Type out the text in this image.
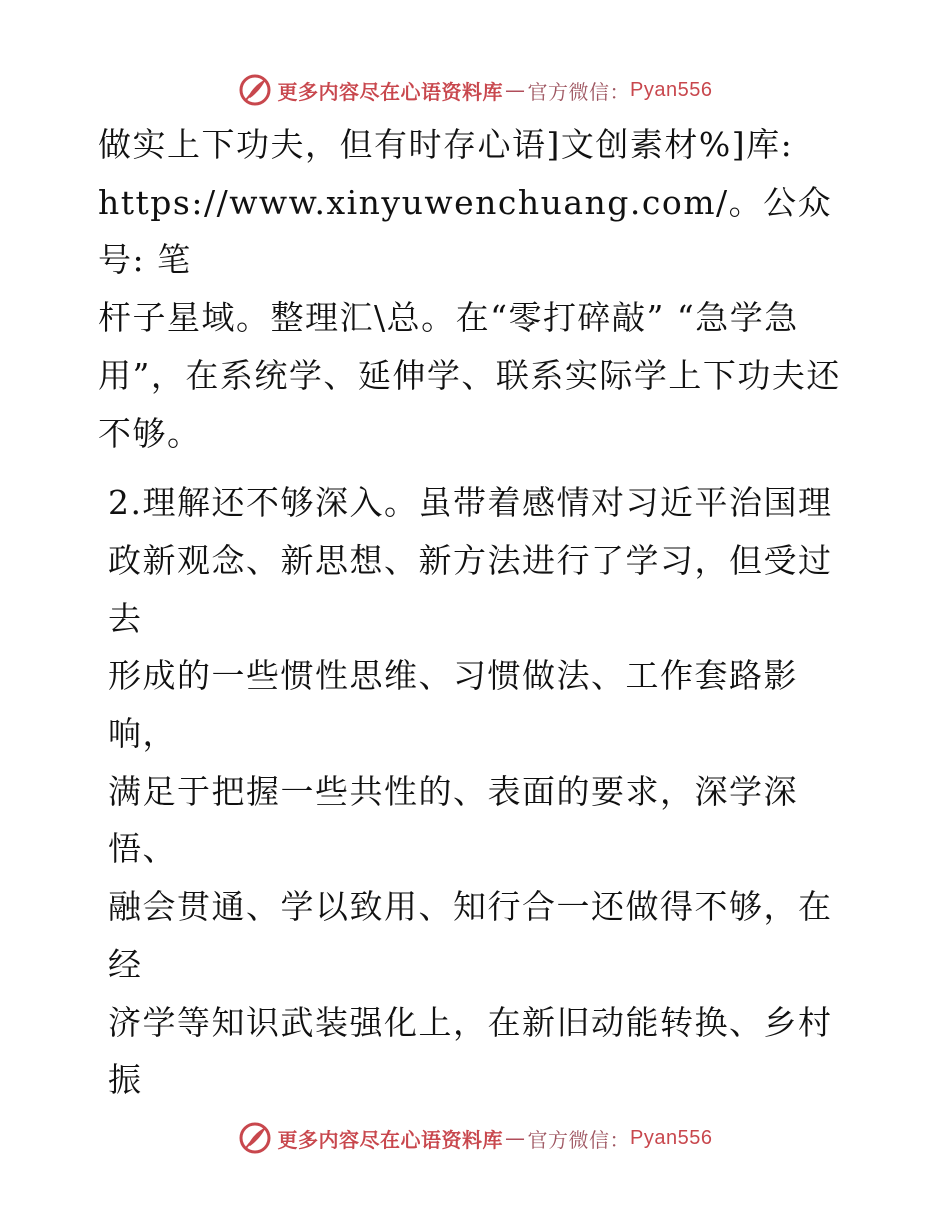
更多内容尽在心语资料库 — 官方微信： Pyan556

做实上下功夫，但有时存心语]文创素材%]库:
https://www.xinyuwenchuang.com/。公众号: 笔
杆子星域。整理汇\总。在“零打碎敲” “急学急
用”，在系统学、延伸学、联系实际学上下功夫还
不够。

2.理解还不够深入。虽带着感情对习近平治国理
政新观念、新思想、新方法进行了学习，但受过去
形成的一些惯性思维、习惯做法、工作套路影响，
满足于把握一些共性的、表面的要求，深学深悟、
融会贯通、学以致用、知行合一还做得不够，在经
济学等知识武装强化上，在新旧动能转换、乡村振

更多内容尽在心语资料库 — 官方微信： Pyan556
